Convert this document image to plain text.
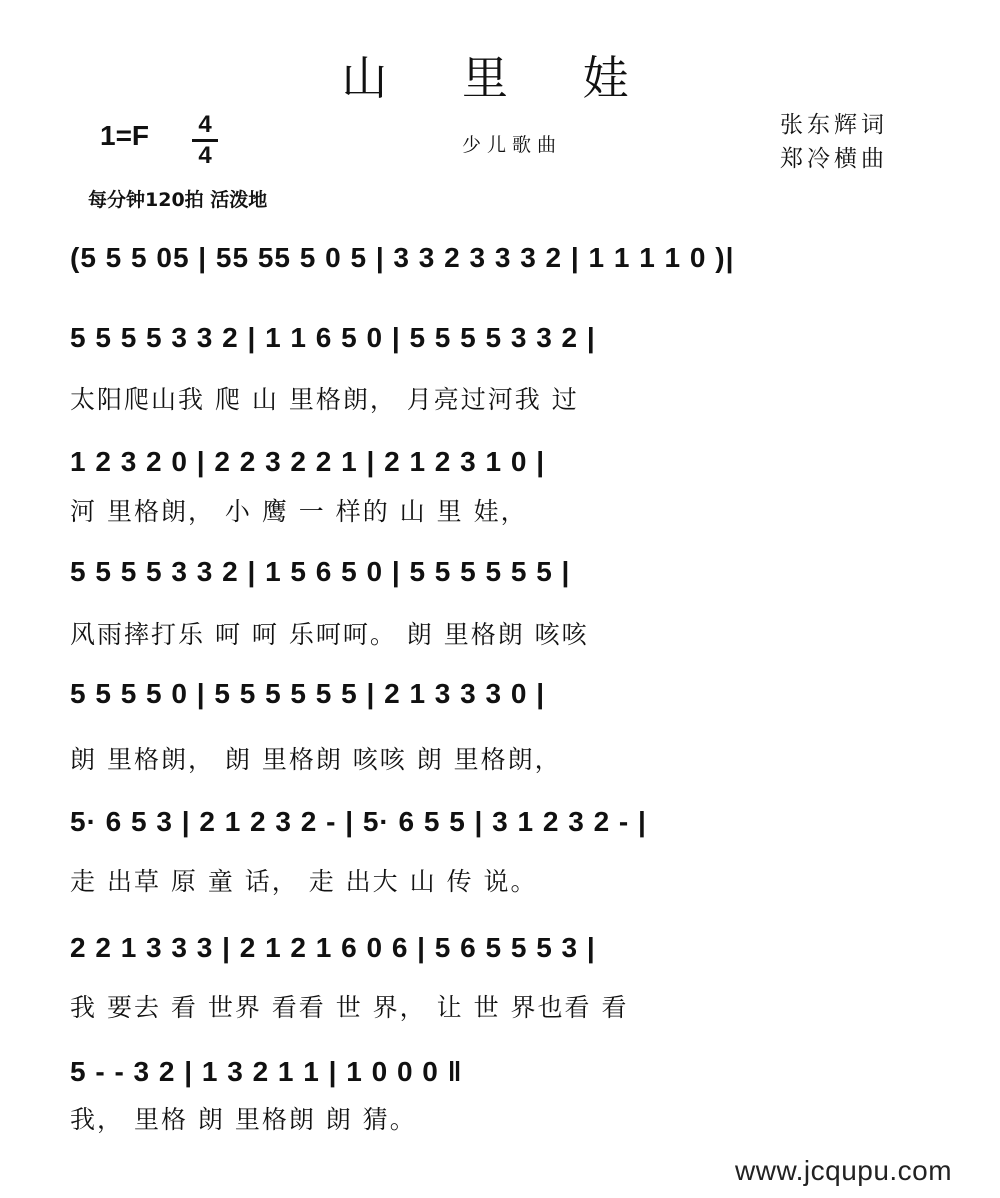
山 里 娃
1=F	4
4	少儿歌曲
张东辉词
郑冷横曲
每分钟120拍 活泼地
(5 5 5 05 | 55 55 5 0 5 | 3 3 2 3 3 3 2 | 1 1 1 1 0 )|
5 5 5 5 3 3 2 | 1 1 6 5 0 | 5 5 5 5 3 3 2 |
太阳爬山我 爬 山 里格朗， 月亮过河我 过
1 2 3 2 0 | 2 2 3 2 2 1 | 2 1 2 3 1 0 |
河 里格朗， 小 鹰 一 样的 山 里 娃，
5 5 5 5 3 3 2 | 1 5 6 5 0 | 5 5 5 5 5 5 |
风雨摔打乐 呵 呵 乐呵呵。 朗 里格朗 咳咳
5 5 5 5 0 | 5 5 5 5 5 5 | 2 1 3 3 3 0 |
朗 里格朗， 朗 里格朗 咳咳 朗 里格朗，
5· 6 5 3 | 2 1 2 3 2 - | 5· 6 5 5 | 3 1 2 3 2 - |
走 出草 原 童 话， 走 出大 山 传 说。
2 2 1 3 3 3 | 2 1 2 1 6 0 6 | 5 6 5 5 5 3 |
我 要去 看 世界 看看 世 界， 让 世 界也看 看
5 - - 3 2 | 1 3 2 1 1 | 1 0 0 0 ‖
我， 里格 朗 里格朗 朗 猜。
www.jcqupu.com
